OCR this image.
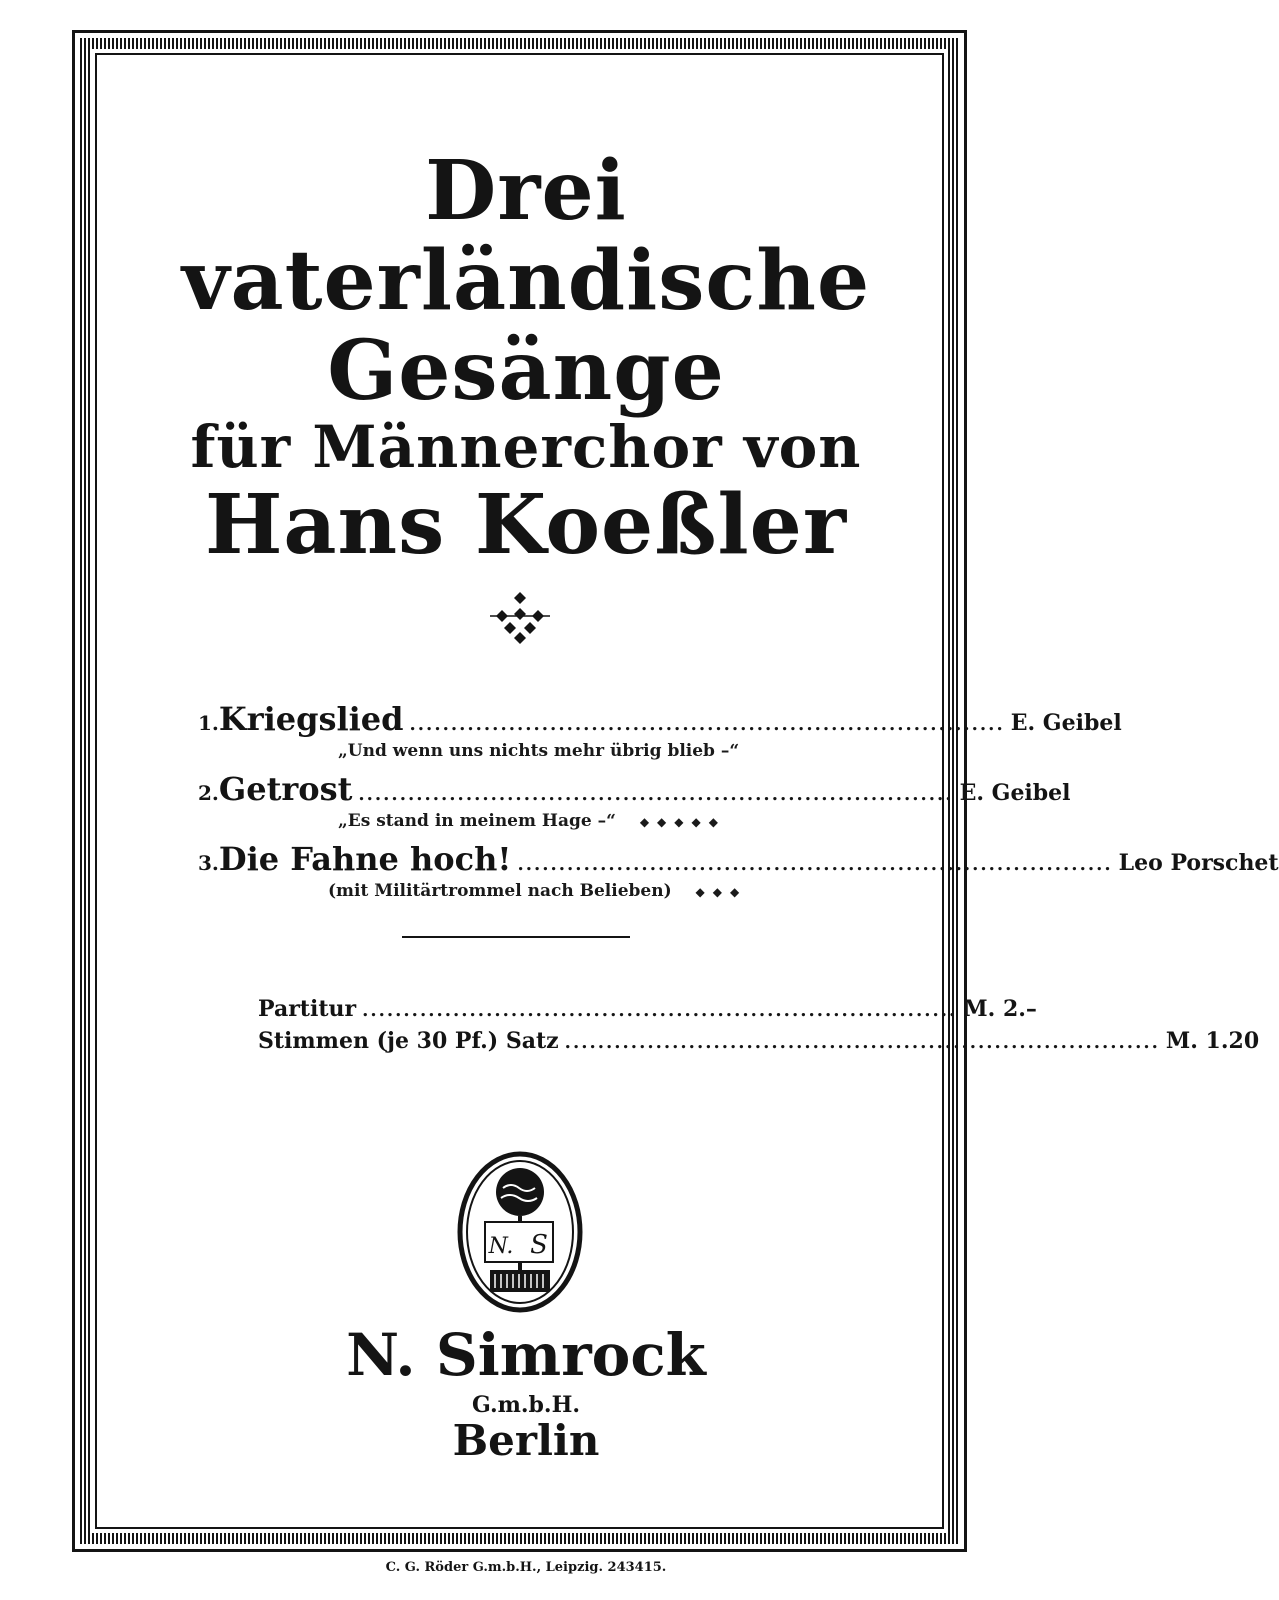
Drei
vaterländische
Gesänge
für Männerchor von
Hans Koeßler
1. Kriegslied ........................................................................ E. Geibel
„Und wenn uns nichts mehr übrig blieb –“
2. Getrost ........................................................................ E. Geibel
„Es stand in meinem Hage –“ ◆◆◆◆◆
3. Die Fahne hoch! ........................................................................ Leo Porschet
(mit Militärtrommel nach Belieben) ◆◆◆
Partitur ........................................................................ M. 2.–
Stimmen (je 30 Pf.) Satz ........................................................................ M. 1.20
N. S
N. Simrock
G.m.b.H.
Berlin
C. G. Röder G.m.b.H., Leipzig. 243415.
